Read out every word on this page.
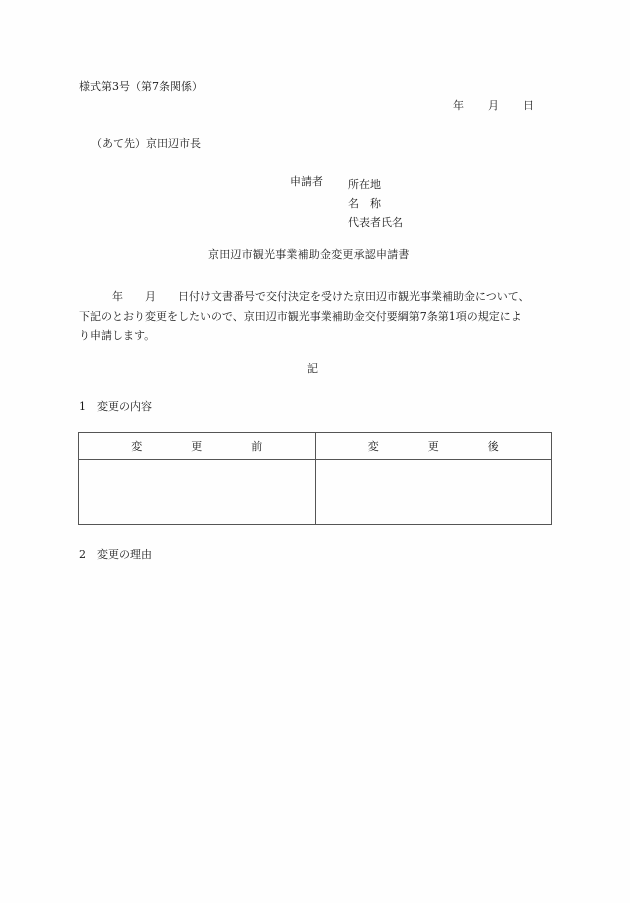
様式第3号（第7条関係）
年 月 日
（あて先）京田辺市長
申請者 所在地
名　称
代表者氏名
京田辺市観光事業補助金変更承認申請書
　　　年　　月　　日付け文書番号で交付決定を受けた京田辺市観光事業補助金について、
下記のとおり変更をしたいので、京田辺市観光事業補助金交付要綱第7条第1項の規定によ
り申請します。
記
1 変更の内容
変 更 前	変 更 後

2 変更の理由
